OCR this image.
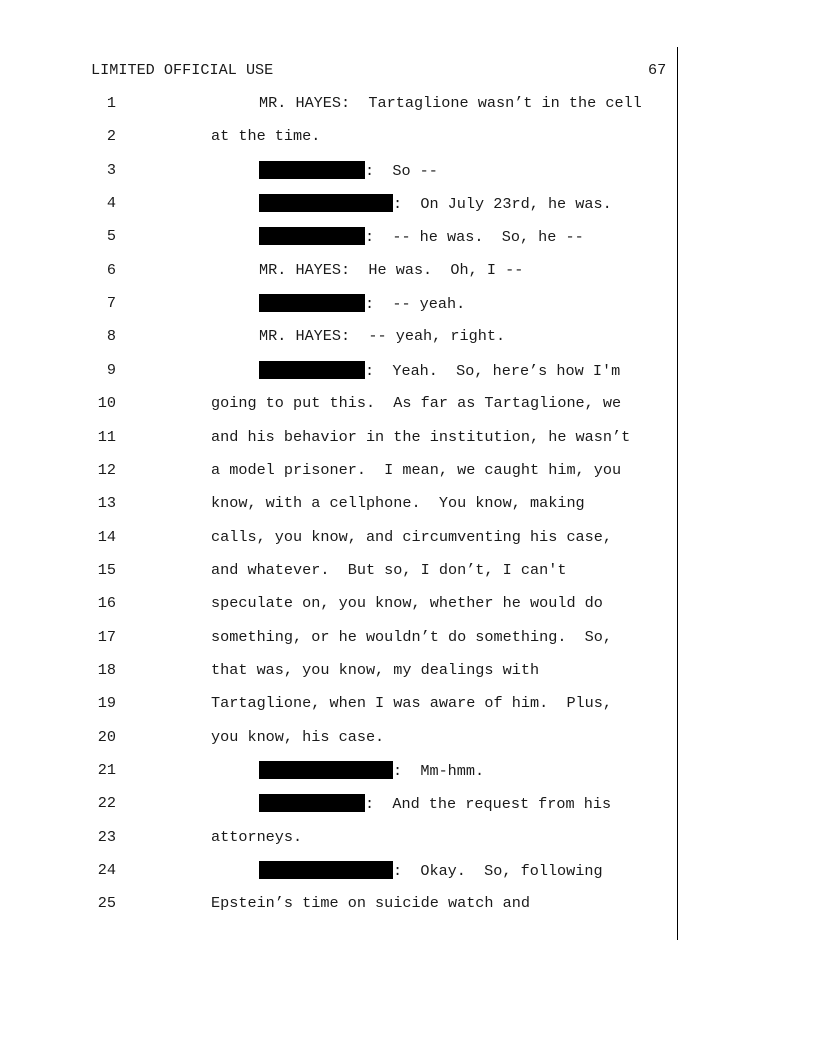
LIMITED OFFICIAL USE	67
1	MR. HAYES:  Tartaglione wasn’t in the cell
2	at the time.
3	:  So --
4	:  On July 23rd, he was.
5	:  -- he was.  So, he --
6	MR. HAYES:  He was.  Oh, I --
7	:  -- yeah.
8	MR. HAYES:  -- yeah, right.
9	:  Yeah.  So, here’s how I'm
10	going to put this.  As far as Tartaglione, we
11	and his behavior in the institution, he wasn’t
12	a model prisoner.  I mean, we caught him, you
13	know, with a cellphone.  You know, making
14	calls, you know, and circumventing his case,
15	and whatever.  But so, I don’t, I can't
16	speculate on, you know, whether he would do
17	something, or he wouldn’t do something.  So,
18	that was, you know, my dealings with
19	Tartaglione, when I was aware of him.  Plus,
20	you know, his case.
21	:  Mm-hmm.
22	:  And the request from his
23	attorneys.
24	:  Okay.  So, following
25	Epstein’s time on suicide watch and
